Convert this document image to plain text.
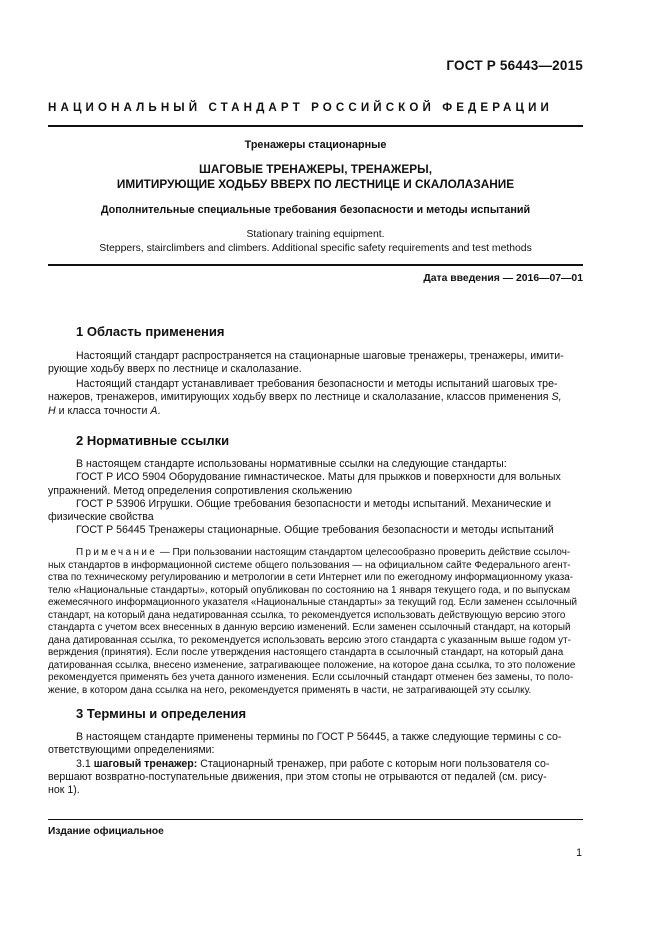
ГОСТ Р 56443—2015
НАЦИОНАЛЬНЫЙ СТАНДАРТ РОССИЙСКОЙ ФЕДЕРАЦИИ
Тренажеры стационарные
ШАГОВЫЕ ТРЕНАЖЕРЫ, ТРЕНАЖЕРЫ,
ИМИТИРУЮЩИЕ ХОДЬБУ ВВЕРХ ПО ЛЕСТНИЦЕ И СКАЛОЛАЗАНИЕ
Дополнительные специальные требования безопасности и методы испытаний
Stationary training equipment.
Steppers, stairclimbers and climbers. Additional specific safety requirements and test methods
Дата введения — 2016—07—01
1 Область применения
Настоящий стандарт распространяется на стационарные шаговые тренажеры, тренажеры, имити-
рующие ходьбу вверх по лестнице и скалолазание.
Настоящий стандарт устанавливает требования безопасности и методы испытаний шаговых тре-
нажеров, тренажеров, имитирующих ходьбу вверх по лестнице и скалолазание, классов применения S,
H и класса точности A.
2 Нормативные ссылки
В настоящем стандарте использованы нормативные ссылки на следующие стандарты:
ГОСТ Р ИСО 5904 Оборудование гимнастическое. Маты для прыжков и поверхности для вольных
упражнений. Метод определения сопротивления скольжению
ГОСТ Р 53906 Игрушки. Общие требования безопасности и методы испытаний. Механические и
физические свойства
ГОСТ Р 56445 Тренажеры стационарные. Общие требования безопасности и методы испытаний
Примечание — При пользовании настоящим стандартом целесообразно проверить действие ссылоч-
ных стандартов в информационной системе общего пользования — на официальном сайте Федерального агент-
ства по техническому регулированию и метрологии в сети Интернет или по ежегодному информационному указа-
телю «Национальные стандарты», который опубликован по состоянию на 1 января текущего года, и по выпускам
ежемесячного информационного указателя «Национальные стандарты» за текущий год. Если заменен ссылочный
стандарт, на который дана недатированная ссылка, то рекомендуется использовать действующую версию этого
стандарта с учетом всех внесенных в данную версию изменений. Если заменен ссылочный стандарт, на который
дана датированная ссылка, то рекомендуется использовать версию этого стандарта с указанным выше годом ут-
верждения (принятия). Если после утверждения настоящего стандарта в ссылочный стандарт, на который дана
датированная ссылка, внесено изменение, затрагивающее положение, на которое дана ссылка, то это положение
рекомендуется применять без учета данного изменения. Если ссылочный стандарт отменен без замены, то поло-
жение, в котором дана ссылка на него, рекомендуется применять в части, не затрагивающей эту ссылку.
3 Термины и определения
В настоящем стандарте применены термины по ГОСТ Р 56445, а также следующие термины с со-
ответствующими определениями:
3.1 шаговый тренажер: Стационарный тренажер, при работе с которым ноги пользователя со-
вершают возвратно-поступательные движения, при этом стопы не отрываются от педалей (см. рису-
нок 1).
Издание официальное
1
